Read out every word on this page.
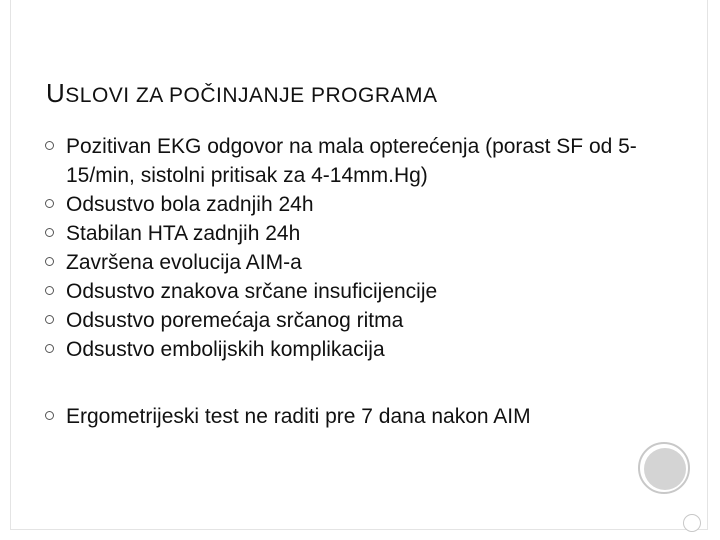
USLOVI ZA POČINJANJE PROGRAMA
Pozitivan EKG odgovor na mala opterećenja (porast SF od 5-15/min, sistolni pritisak za 4-14mm.Hg)
Odsustvo bola zadnjih 24h
Stabilan HTA zadnjih 24h
Završena evolucija AIM-a
Odsustvo znakova srčane insuficijencije
Odsustvo poremećaja srčanog ritma
Odsustvo embolijskih komplikacija
Ergometrijeski test ne raditi pre 7 dana nakon AIM
